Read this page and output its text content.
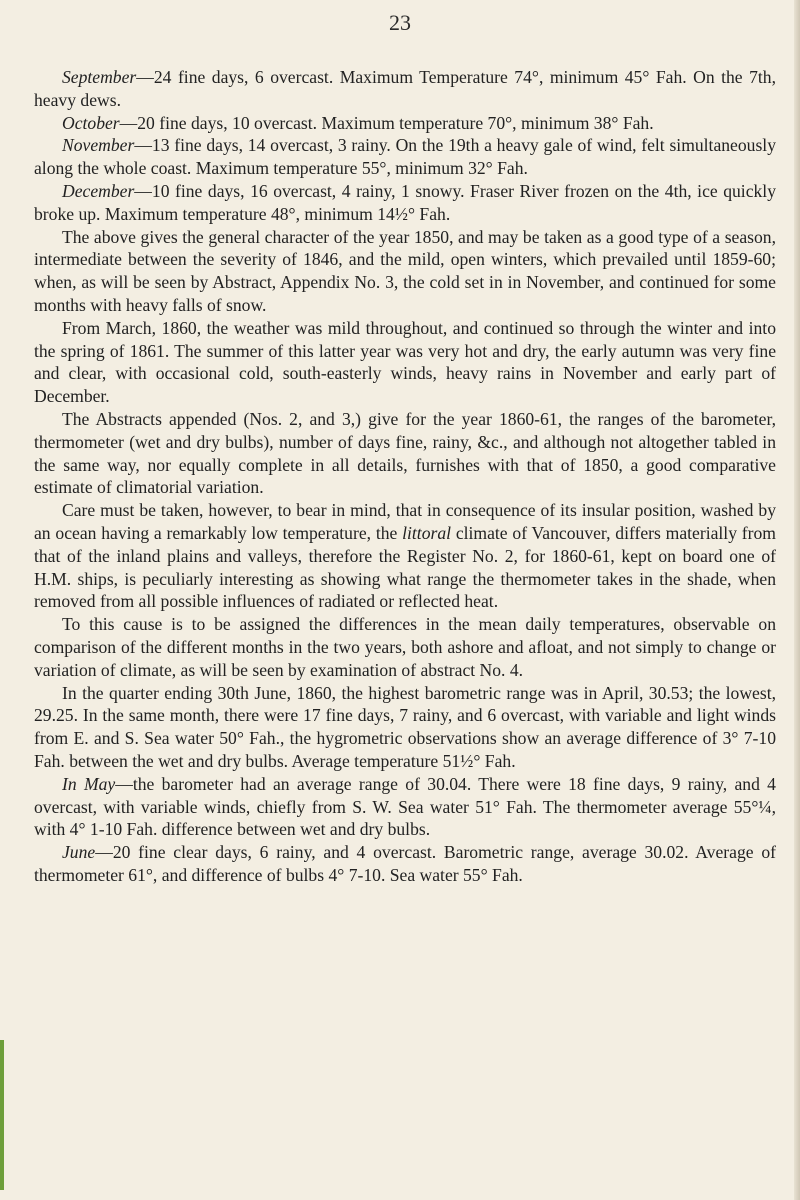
23

September—24 fine days, 6 overcast. Maximum Temperature 74°, minimum 45° Fah. On the 7th, heavy dews.

October—20 fine days, 10 overcast. Maximum temperature 70°, minimum 38° Fah.

November—13 fine days, 14 overcast, 3 rainy. On the 19th a heavy gale of wind, felt simultaneously along the whole coast. Maximum temperature 55°, minimum 32° Fah.

December—10 fine days, 16 overcast, 4 rainy, 1 snowy. Fraser River frozen on the 4th, ice quickly broke up. Maximum temperature 48°, minimum 14½° Fah.

The above gives the general character of the year 1850, and may be taken as a good type of a season, intermediate between the severity of 1846, and the mild, open winters, which prevailed until 1859-60; when, as will be seen by Abstract, Appendix No. 3, the cold set in in November, and continued for some months with heavy falls of snow.

From March, 1860, the weather was mild throughout, and continued so through the winter and into the spring of 1861. The summer of this latter year was very hot and dry, the early autumn was very fine and clear, with occasional cold, south-easterly winds, heavy rains in November and early part of December.

The Abstracts appended (Nos. 2, and 3,) give for the year 1860-61, the ranges of the barometer, thermometer (wet and dry bulbs), number of days fine, rainy, &c., and although not altogether tabled in the same way, nor equally complete in all details, furnishes with that of 1850, a good comparative estimate of climatorial variation.

Care must be taken, however, to bear in mind, that in consequence of its insular position, washed by an ocean having a remarkably low temperature, the littoral climate of Vancouver, differs materially from that of the inland plains and valleys, therefore the Register No. 2, for 1860-61, kept on board one of H.M. ships, is peculiarly interesting as showing what range the thermometer takes in the shade, when removed from all possible influences of radiated or reflected heat.

To this cause is to be assigned the differences in the mean daily temperatures, observable on comparison of the different months in the two years, both ashore and afloat, and not simply to change or variation of climate, as will be seen by examination of abstract No. 4.

In the quarter ending 30th June, 1860, the highest barometric range was in April, 30.53; the lowest, 29.25. In the same month, there were 17 fine days, 7 rainy, and 6 overcast, with variable and light winds from E. and S. Sea water 50° Fah., the hygrometric observations show an average difference of 3° 7-10 Fah. between the wet and dry bulbs. Average temperature 51½° Fah.

In May—the barometer had an average range of 30.04. There were 18 fine days, 9 rainy, and 4 overcast, with variable winds, chiefly from S. W. Sea water 51° Fah. The thermometer average 55°¼, with 4° 1-10 Fah. difference between wet and dry bulbs.

June—20 fine clear days, 6 rainy, and 4 overcast. Barometric range, average 30.02. Average of thermometer 61°, and difference of bulbs 4° 7-10. Sea water 55° Fah.
